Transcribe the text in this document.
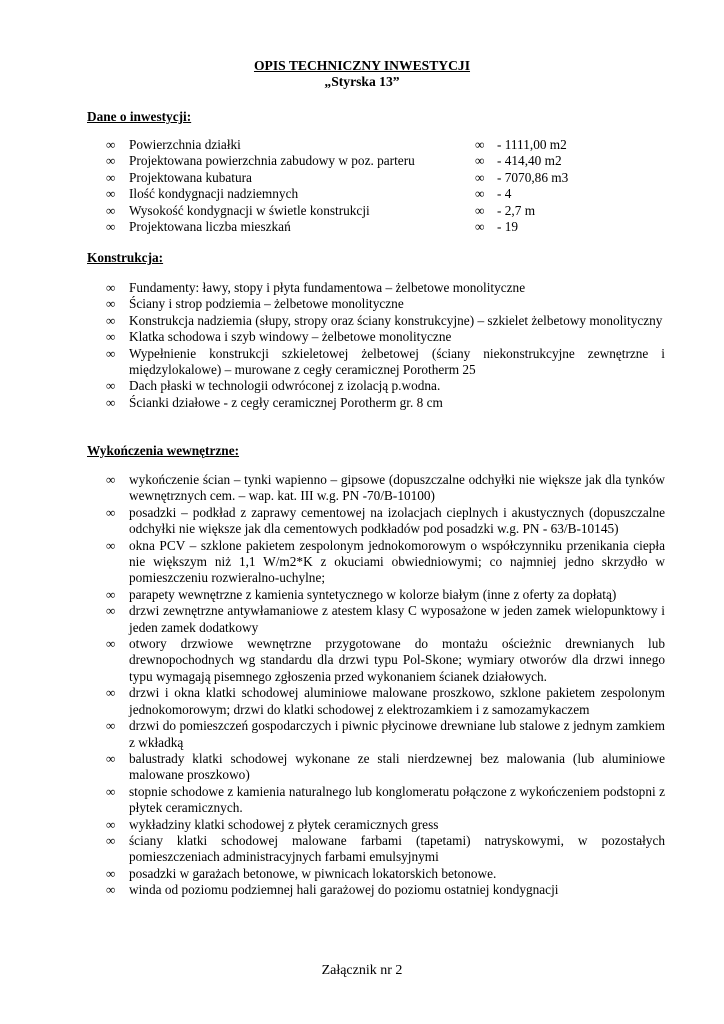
OPIS TECHNICZNY INWESTYCJI
„Styrska 13”
Dane o inwestycji:
∞ Powierzchnia działki	∞ - 1111,00 m2
∞ Projektowana powierzchnia zabudowy w poz. parteru	∞ - 414,40 m2
∞ Projektowana kubatura	∞ - 7070,86 m3
∞ Ilość kondygnacji nadziemnych	∞ - 4
∞ Wysokość kondygnacji w świetle konstrukcji	∞ - 2,7 m
∞ Projektowana liczba mieszkań	∞ - 19
Konstrukcja:
∞ Fundamenty: ławy, stopy i płyta fundamentowa – żelbetowe monolityczne
∞ Ściany i strop podziemia – żelbetowe monolityczne
∞ Konstrukcja nadziemia (słupy, stropy oraz ściany konstrukcyjne) – szkielet żelbetowy monolityczny
∞ Klatka schodowa i szyb windowy – żelbetowe monolityczne
∞ Wypełnienie konstrukcji szkieletowej żelbetowej (ściany niekonstrukcyjne zewnętrzne i międzylokalowe) – murowane z cegły ceramicznej Porotherm 25
∞ Dach płaski w technologii odwróconej z izolacją p.wodna.
∞ Ścianki działowe - z cegły ceramicznej Porotherm gr. 8 cm
Wykończenia wewnętrzne:
∞ wykończenie ścian – tynki wapienno – gipsowe (dopuszczalne odchyłki nie większe jak dla tynków wewnętrznych cem. – wap. kat. III w.g. PN -70/B-10100)
∞ posadzki – podkład z zaprawy cementowej na izolacjach cieplnych i akustycznych (dopuszczalne odchyłki nie większe jak dla cementowych podkładów pod posadzki w.g. PN - 63/B-10145)
∞ okna PCV – szklone pakietem zespolonym jednokomorowym o współczynniku przenikania ciepła nie większym niż 1,1 W/m2*K z okuciami obwiedniowymi; co najmniej jedno skrzydło w pomieszczeniu rozwieralno-uchylne;
∞ parapety wewnętrzne z kamienia syntetycznego w kolorze białym (inne z oferty za dopłatą)
∞ drzwi zewnętrzne antywłamaniowe z atestem klasy C wyposażone w jeden zamek wielopunktowy i jeden zamek dodatkowy
∞ otwory drzwiowe wewnętrzne przygotowane do montażu ościeżnic drewnianych lub drewnopochodnych wg standardu dla drzwi typu Pol-Skone; wymiary otworów dla drzwi innego typu wymagają pisemnego zgłoszenia przed wykonaniem ścianek działowych.
∞ drzwi i okna klatki schodowej aluminiowe malowane proszkowo, szklone pakietem zespolonym jednokomorowym; drzwi do klatki schodowej z elektrozamkiem i z samozamykaczem
∞ drzwi do pomieszczeń gospodarczych i piwnic płycinowe drewniane lub stalowe z jednym zamkiem z wkładką
∞ balustrady klatki schodowej wykonane ze stali nierdzewnej bez malowania (lub aluminiowe malowane proszkowo)
∞ stopnie schodowe z kamienia naturalnego lub konglomeratu połączone z wykończeniem podstopni z płytek ceramicznych.
∞ wykładziny klatki schodowej z płytek ceramicznych gress
∞ ściany klatki schodowej malowane farbami (tapetami) natryskowymi, w pozostałych pomieszczeniach administracyjnych farbami emulsyjnymi
∞ posadzki w garażach betonowe, w piwnicach lokatorskich betonowe.
∞ winda od poziomu podziemnej hali garażowej do poziomu ostatniej kondygnacji
Załącznik nr 2
